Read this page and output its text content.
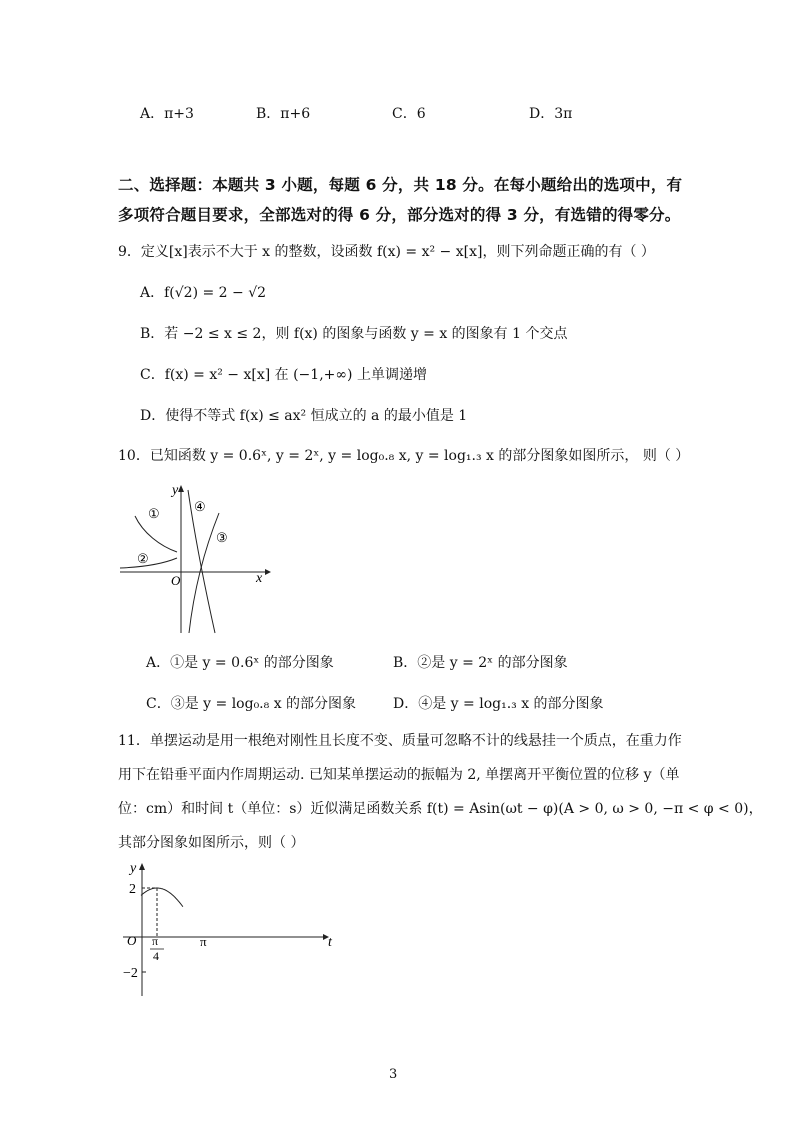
A．π+3	B．π+6	C．6	D．3π
二、选择题：本题共 3 小题，每题 6 分，共 18 分。在每小题给出的选项中，有
多项符合题目要求，全部选对的得 6 分，部分选对的得 3 分，有选错的得零分。
9．定义[x]表示不大于 x 的整数，设函数 f(x) = x² − x[x]，则下列命题正确的有（ ）
A．f(√2) = 2 − √2
B．若 −2 ≤ x ≤ 2，则 f(x) 的图象与函数 y = x 的图象有 1 个交点
C．f(x) = x² − x[x] 在 (−1,+∞) 上单调递增
D．使得不等式 f(x) ≤ ax² 恒成立的 a 的最小值是 1
10．已知函数 y = 0.6ˣ, y = 2ˣ, y = log₀.₈ x, y = log₁.₃ x 的部分图象如图所示， 则（ ）
①
②
④
③
O	x
y
A．①是 y = 0.6ˣ 的部分图象	B．②是 y = 2ˣ 的部分图象
C．③是 y = log₀.₈ x 的部分图象	D．④是 y = log₁.₃ x 的部分图象
11．单摆运动是用一根绝对刚性且长度不变、质量可忽略不计的线悬挂一个质点，在重力作
用下在铅垂平面内作周期运动. 已知某单摆运动的振幅为 2, 单摆离开平衡位置的位移 y（单
位：cm）和时间 t（单位：s）近似满足函数关系 f(t) = Asin(ωt − φ)(A > 0, ω > 0, −π < φ < 0)，
其部分图象如图所示，则（ ）
y
t
2
−2
O π
4
π
3
